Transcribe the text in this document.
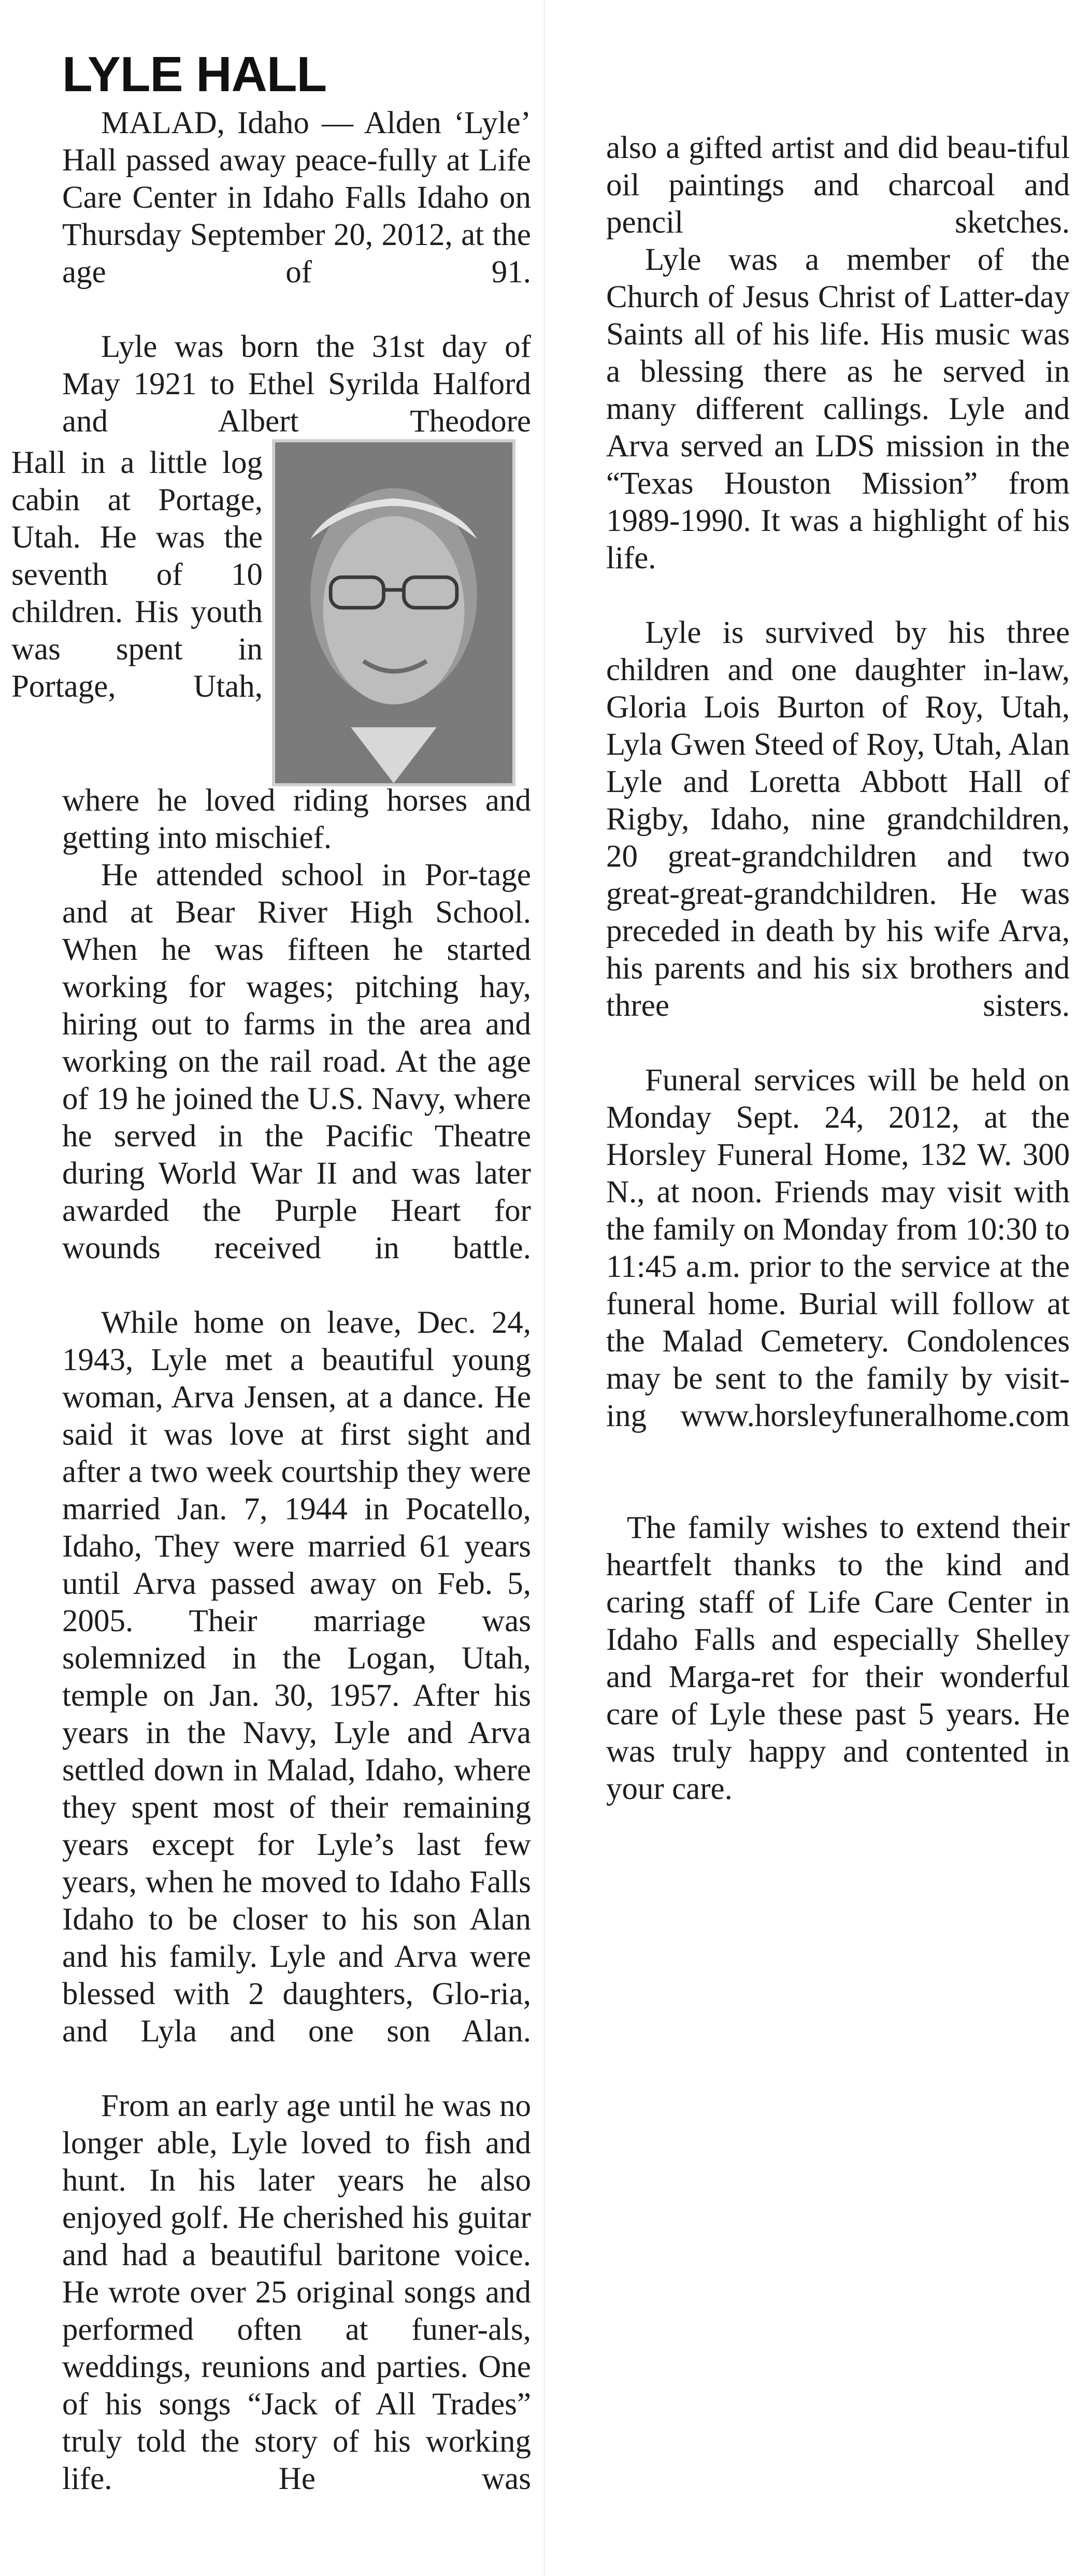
LYLE HALL

MALAD, Idaho — Alden ‘Lyle’ Hall passed away peace-fully at Life Care Center in Idaho Falls Idaho on Thursday September 20, 2012, at the age of 91.

Lyle was born the 31st day of May 1921 to Ethel Syrilda Halford and Albert Theodore

Hall in a little log cabin at Portage, Utah. He was the seventh of 10 children. His youth was spent in Portage, Utah,

where he loved riding horses and getting into mischief.

He attended school in Por-tage and at Bear River High School. When he was fifteen he started working for wages; pitching hay, hiring out to farms in the area and working on the rail road. At the age of 19 he joined the U.S. Navy, where he served in the Pacific Theatre during World War II and was later awarded the Purple Heart for wounds received in battle.

While home on leave, Dec. 24, 1943, Lyle met a beautiful young woman, Arva Jensen, at a dance. He said it was love at first sight and after a two week courtship they were married Jan. 7, 1944 in Pocatello, Idaho, They were married 61 years until Arva passed away on Feb. 5, 2005. Their marriage was solemnized in the Logan, Utah, temple on Jan. 30, 1957. After his years in the Navy, Lyle and Arva settled down in Malad, Idaho, where they spent most of their remaining years except for Lyle’s last few years, when he moved to Idaho Falls Idaho to be closer to his son Alan and his family. Lyle and Arva were blessed with 2 daughters, Glo-ria, and Lyla and one son Alan.

From an early age until he was no longer able, Lyle loved to fish and hunt. In his later years he also enjoyed golf. He cherished his guitar and had a beautiful baritone voice. He wrote over 25 original songs and performed often at funer-als, weddings, reunions and parties. One of his songs “Jack of All Trades” truly told the story of his working life. He was

also a gifted artist and did beau-tiful oil paintings and charcoal and pencil sketches.

Lyle was a member of the Church of Jesus Christ of Latter-day Saints all of his life. His music was a blessing there as he served in many different callings. Lyle and Arva served an LDS mission in the “Texas Houston Mission” from 1989-1990. It was a highlight of his life.

Lyle is survived by his three children and one daughter in-law, Gloria Lois Burton of Roy, Utah, Lyla Gwen Steed of Roy, Utah, Alan Lyle and Loretta Abbott Hall of Rigby, Idaho, nine grandchildren, 20 great-grandchildren and two great-great-grandchildren. He was preceded in death by his wife Arva, his parents and his six brothers and three sisters.

Funeral services will be held on Monday Sept. 24, 2012, at the Horsley Funeral Home, 132 W. 300 N., at noon. Friends may visit with the family on Monday from 10:30 to 11:45 a.m. prior to the service at the funeral home. Burial will follow at the Malad Cemetery. Condolences may be sent to the family by visit-ing www.horsleyfuneralhome.com

The family wishes to extend their heartfelt thanks to the kind and caring staff of Life Care Center in Idaho Falls and especially Shelley and Marga-ret for their wonderful care of Lyle these past 5 years. He was truly happy and contented in your care.
